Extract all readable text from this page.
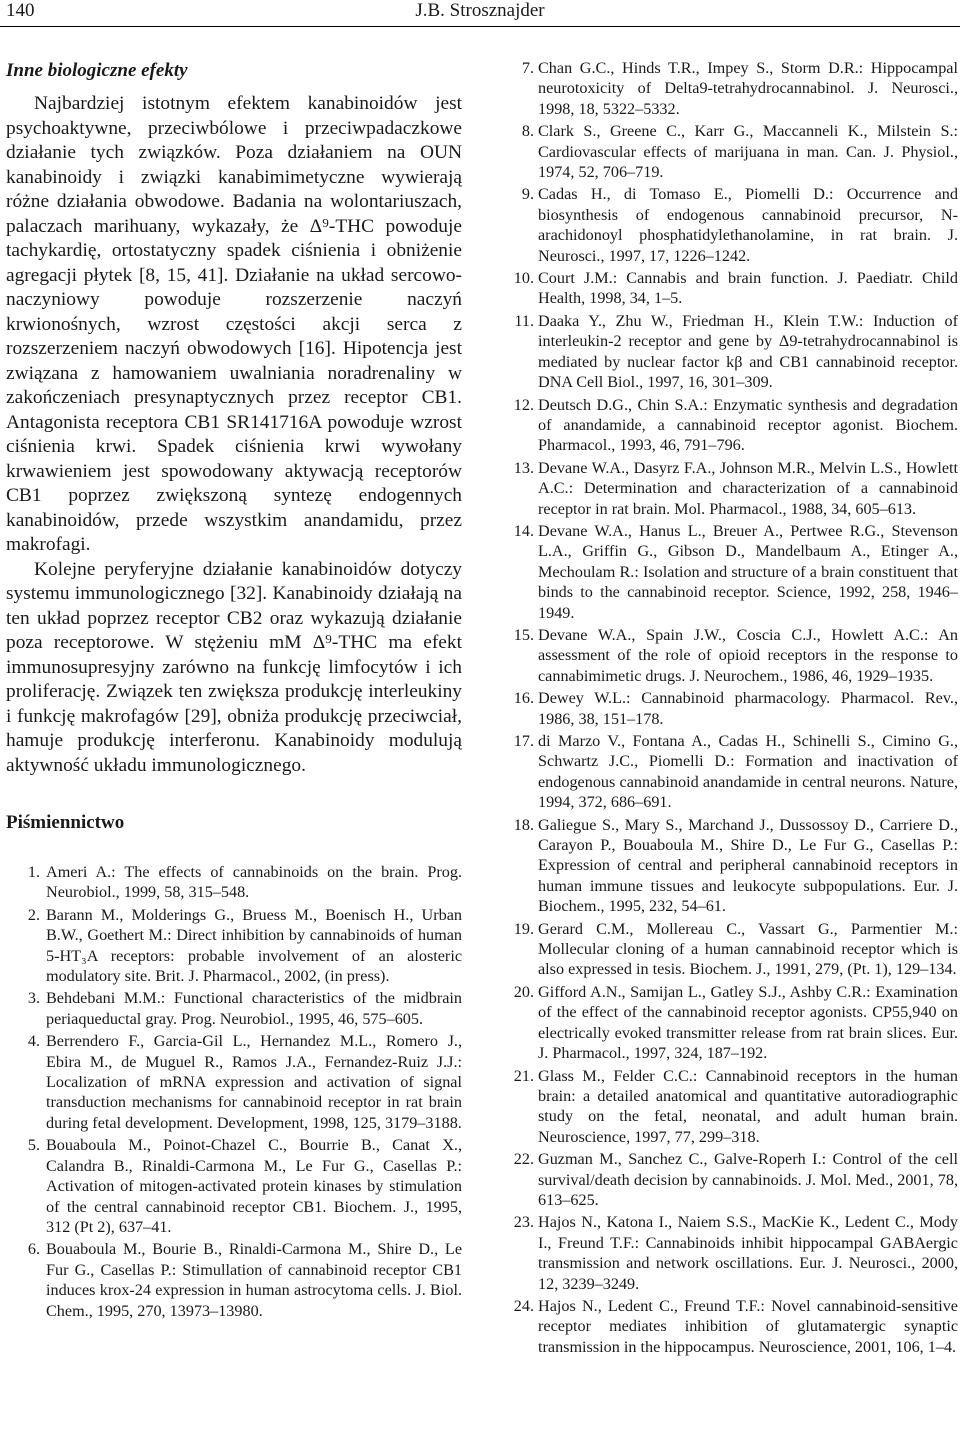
140	J.B. Strosznajder
Inne biologiczne efekty

Najbardziej istotnym efektem kanabinoidów jest psychoaktywne, przeciwbólowe i przeciwpadaczkowe działanie tych związków. Poza działaniem na OUN kanabinoidy i związki kanabimimetyczne wywierają różne działania obwodowe. Badania na wolontariuszach, palaczach marihuany, wykazały, że Δ⁹-THC powoduje tachykardię, ortostatyczny spadek ciśnienia i obniżenie agregacji płytek [8, 15, 41]. Działanie na układ sercowo-naczyniowy powoduje rozszerzenie naczyń krwionośnych, wzrost częstości akcji serca z rozszerzeniem naczyń obwodowych [16]. Hipotencja jest związana z hamowaniem uwalniania noradrenaliny w zakończeniach presynaptycznych przez receptor CB1. Antagonista receptora CB1 SR141716A powoduje wzrost ciśnienia krwi. Spadek ciśnienia krwi wywołany krwawieniem jest spowodowany aktywacją receptorów CB1 poprzez zwiększoną syntezę endogennych kanabinoidów, przede wszystkim anandamidu, przez makrofagi.

Kolejne peryferyjne działanie kanabinoidów dotyczy systemu immunologicznego [32]. Kanabinoidy działają na ten układ poprzez receptor CB2 oraz wykazują działanie poza receptorowe. W stężeniu mM Δ⁹-THC ma efekt immunosupresyjny zarówno na funkcję limfocytów i ich proliferację. Związek ten zwiększa produkcję interleukiny i funkcję makrofagów [29], obniża produkcję przeciwciał, hamuje produkcję interferonu. Kanabinoidy modulują aktywność układu immunologicznego.

Piśmiennictwo
1. Ameri A.: The effects of cannabinoids on the brain. Prog. Neurobiol., 1999, 58, 315–548.
2. Barann M., Molderings G., Bruess M., Boenisch H., Urban B.W., Goethert M.: Direct inhibition by cannabinoids of human 5-HT₃A receptors: probable involvement of an alosteric modulatory site. Brit. J. Pharmacol., 2002, (in press).
3. Behdebani M.M.: Functional characteristics of the midbrain periaqueductal gray. Prog. Neurobiol., 1995, 46, 575–605.
4. Berrendero F., Garcia-Gil L., Hernandez M.L., Romero J., Ebira M., de Muguel R., Ramos J.A., Fernandez-Ruiz J.J.: Localization of mRNA expression and activation of signal transduction mechanisms for cannabinoid receptor in rat brain during fetal development. Development, 1998, 125, 3179–3188.
5. Bouaboula M., Poinot-Chazel C., Bourrie B., Canat X., Calandra B., Rinaldi-Carmona M., Le Fur G., Casellas P.: Activation of mitogen-activated protein kinases by stimulation of the central cannabinoid receptor CB1. Biochem. J., 1995, 312 (Pt 2), 637–41.
6. Bouaboula M., Bourie B., Rinaldi-Carmona M., Shire D., Le Fur G., Casellas P.: Stimullation of cannabinoid receptor CB1 induces krox-24 expression in human astrocytoma cells. J. Biol. Chem., 1995, 270, 13973–13980.
7. Chan G.C., Hinds T.R., Impey S., Storm D.R.: Hippocampal neurotoxicity of Delta9-tetrahydrocannabinol. J. Neurosci., 1998, 18, 5322–5332.
8. Clark S., Greene C., Karr G., Maccanneli K., Milstein S.: Cardiovascular effects of marijuana in man. Can. J. Physiol., 1974, 52, 706–719.
9. Cadas H., di Tomaso E., Piomelli D.: Occurrence and biosynthesis of endogenous cannabinoid precursor, N-arachidonoyl phosphatidylethanolamine, in rat brain. J. Neurosci., 1997, 17, 1226–1242.
10. Court J.M.: Cannabis and brain function. J. Paediatr. Child Health, 1998, 34, 1–5.
11. Daaka Y., Zhu W., Friedman H., Klein T.W.: Induction of interleukin-2 receptor and gene by Δ9-tetrahydrocannabinol is mediated by nuclear factor kβ and CB1 cannabinoid receptor. DNA Cell Biol., 1997, 16, 301–309.
12. Deutsch D.G., Chin S.A.: Enzymatic synthesis and degradation of anandamide, a cannabinoid receptor agonist. Biochem. Pharmacol., 1993, 46, 791–796.
13. Devane W.A., Dasyrz F.A., Johnson M.R., Melvin L.S., Howlett A.C.: Determination and characterization of a cannabinoid receptor in rat brain. Mol. Pharmacol., 1988, 34, 605–613.
14. Devane W.A., Hanus L., Breuer A., Pertwee R.G., Stevenson L.A., Griffin G., Gibson D., Mandelbaum A., Etinger A., Mechoulam R.: Isolation and structure of a brain constituent that binds to the cannabinoid receptor. Science, 1992, 258, 1946–1949.
15. Devane W.A., Spain J.W., Coscia C.J., Howlett A.C.: An assessment of the role of opioid receptors in the response to cannabimimetic drugs. J. Neurochem., 1986, 46, 1929–1935.
16. Dewey W.L.: Cannabinoid pharmacology. Pharmacol. Rev., 1986, 38, 151–178.
17. di Marzo V., Fontana A., Cadas H., Schinelli S., Cimino G., Schwartz J.C., Piomelli D.: Formation and inactivation of endogenous cannabinoid anandamide in central neurons. Nature, 1994, 372, 686–691.
18. Galiegue S., Mary S., Marchand J., Dussossoy D., Carriere D., Carayon P., Bouaboula M., Shire D., Le Fur G., Casellas P.: Expression of central and peripheral cannabinoid receptors in human immune tissues and leukocyte subpopulations. Eur. J. Biochem., 1995, 232, 54–61.
19. Gerard C.M., Mollereau C., Vassart G., Parmentier M.: Mollecular cloning of a human cannabinoid receptor which is also expressed in tesis. Biochem. J., 1991, 279, (Pt. 1), 129–134.
20. Gifford A.N., Samijan L., Gatley S.J., Ashby C.R.: Examination of the effect of the cannabinoid receptor agonists. CP55,940 on electrically evoked transmitter release from rat brain slices. Eur. J. Pharmacol., 1997, 324, 187–192.
21. Glass M., Felder C.C.: Cannabinoid receptors in the human brain: a detailed anatomical and quantitative autoradiographic study on the fetal, neonatal, and adult human brain. Neuroscience, 1997, 77, 299–318.
22. Guzman M., Sanchez C., Galve-Roperh I.: Control of the cell survival/death decision by cannabinoids. J. Mol. Med., 2001, 78, 613–625.
23. Hajos N., Katona I., Naiem S.S., MacKie K., Ledent C., Mody I., Freund T.F.: Cannabinoids inhibit hippocampal GABAergic transmission and network oscillations. Eur. J. Neurosci., 2000, 12, 3239–3249.
24. Hajos N., Ledent C., Freund T.F.: Novel cannabinoid-sensitive receptor mediates inhibition of glutamatergic synaptic transmission in the hippocampus. Neuroscience, 2001, 106, 1–4.
